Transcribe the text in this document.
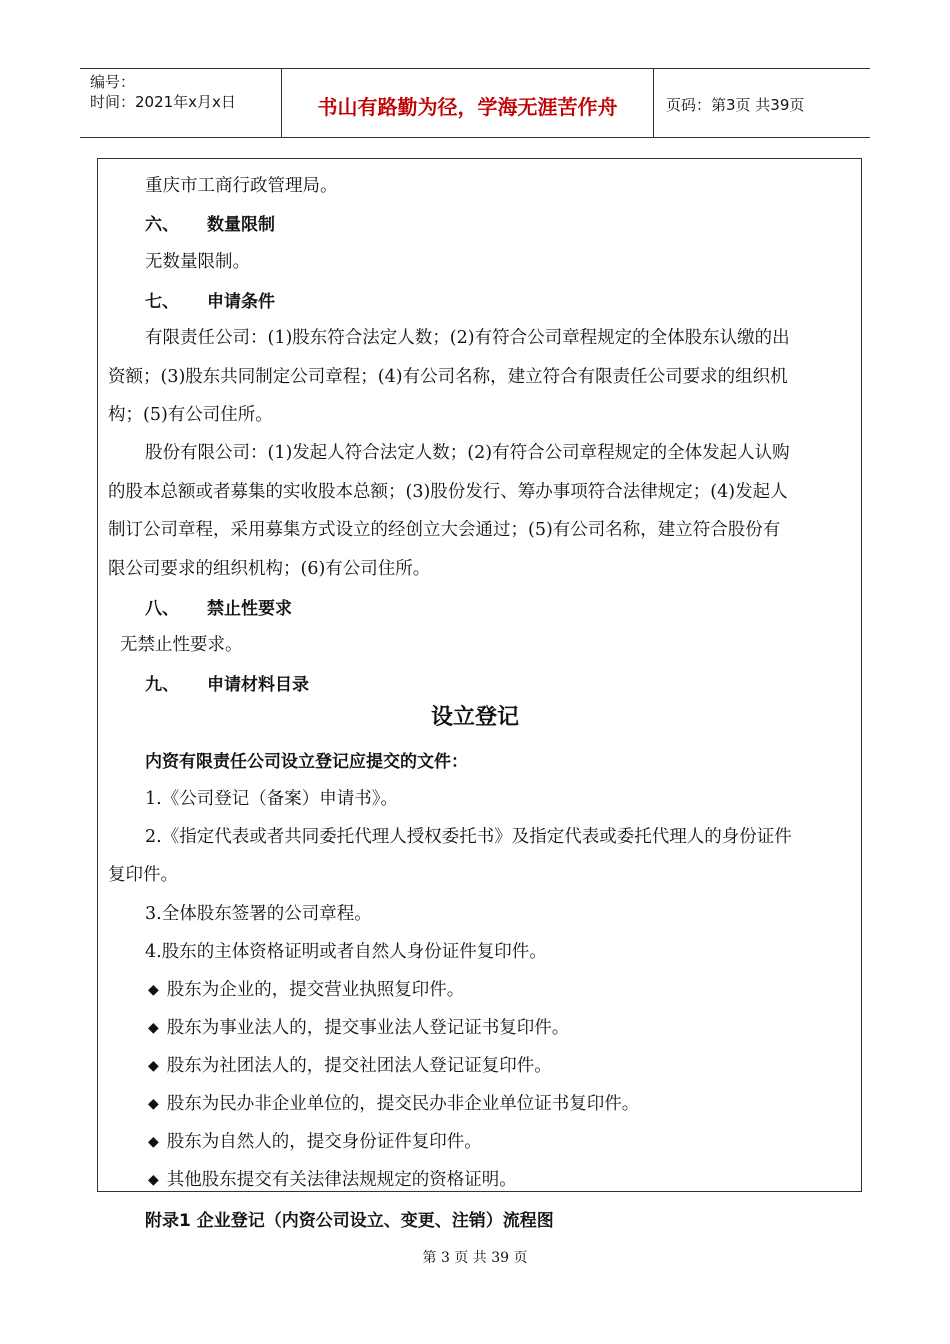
编号：
时间：2021年x月x日	书山有路勤为径，学海无涯苦作舟	页码：第3页 共39页
重庆市工商行政管理局。
六、 数量限制
无数量限制。
七、 申请条件
有限责任公司：(1)股东符合法定人数；(2)有符合公司章程规定的全体股东认缴的出
资额；(3)股东共同制定公司章程；(4)有公司名称，建立符合有限责任公司要求的组织机
构；(5)有公司住所。
股份有限公司：(1)发起人符合法定人数；(2)有符合公司章程规定的全体发起人认购
的股本总额或者募集的实收股本总额；(3)股份发行、筹办事项符合法律规定；(4)发起人
制订公司章程，采用募集方式设立的经创立大会通过；(5)有公司名称，建立符合股份有
限公司要求的组织机构；(6)有公司住所。
八、 禁止性要求
无禁止性要求。
九、 申请材料目录
设立登记
内资有限责任公司设立登记应提交的文件：
1.《公司登记（备案）申请书》。
2.《指定代表或者共同委托代理人授权委托书》及指定代表或委托代理人的身份证件
复印件。
3.全体股东签署的公司章程。
4.股东的主体资格证明或者自然人身份证件复印件。
◆ 股东为企业的，提交营业执照复印件。
◆ 股东为事业法人的，提交事业法人登记证书复印件。
◆ 股东为社团法人的，提交社团法人登记证复印件。
◆ 股东为民办非企业单位的，提交民办非企业单位证书复印件。
◆ 股东为自然人的，提交身份证件复印件。
◆ 其他股东提交有关法律法规规定的资格证明。
附录1 企业登记（内资公司设立、变更、注销）流程图
第 3 页 共 39 页
